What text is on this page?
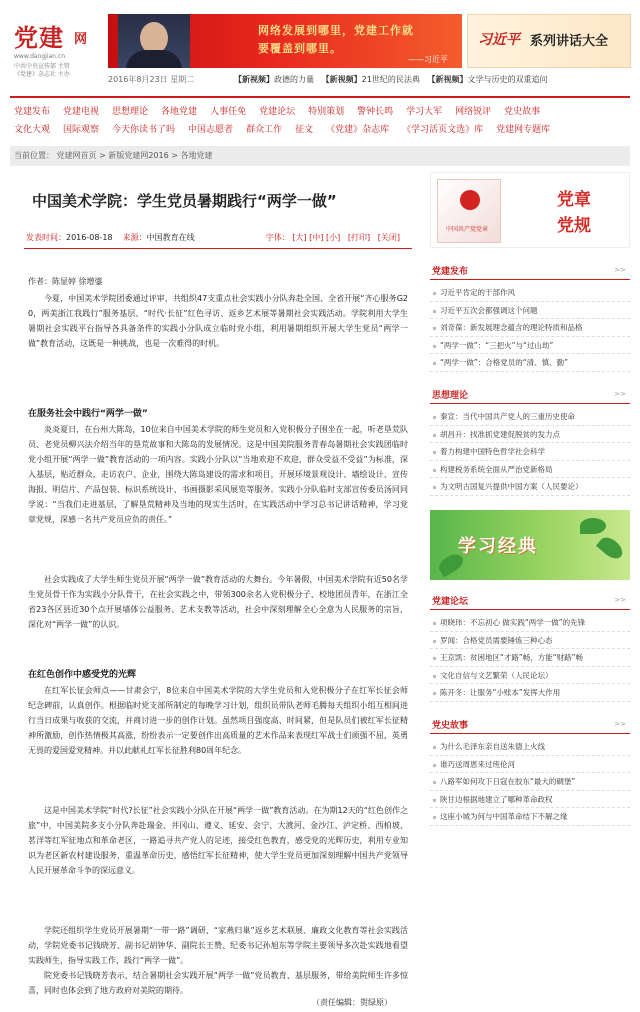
党建 网
www.dangjian.cn
中共中央宣传部 主管
《党建》杂志社 主办
网络发展到哪里，党建工作就
要覆盖到哪里。
——习近平
习近平 系列讲话大全
2016年8月23日 星期二	【新视频】政德的力量 【新视频】21世纪的民法典 【新视频】文学与历史的双重追问
党建发布 党建电视 思想理论 各地党建 人事任免 党建论坛 特别策划 警钟长鸣 学习大军 网络锐评 党史故事
文化大观 国际观察 今天你读书了吗 中国志愿者 群众工作 征文 《党建》杂志库 《学习活页文选》库 党建网专题库
当前位置： 党建网首页 > 新版党建网2016 > 各地党建
中国美术学院：学生党员暑期践行“两学一做”
发表时间：2016-08-18 来源：中国教育在线	字体： [大] [中] [小] [打印] [关闭]
作者：陈显婷 徐增鎏
今夏，中国美术学院团委通过评审，共组织47支重点社会实践小分队奔赴全国、全省开展“齐心服务G20，两美浙江我践行”服务基层、“时代·长征”红色寻访、返乡艺术展等暑期社会实践活动。学院利用大学生暑期社会实践平台指导各具备条件的实践小分队成立临时党小组，利用暑期组织开展大学生党员“两学一做”教育活动，这既是一种挑战，也是一次难得的时机。
在服务社会中践行“两学一做”
炎炎夏日，在台州大陈岛，10位来自中国美术学院的师生党员和入党积极分子围坐在一起，听老垦荒队员、老党员柳兴法介绍当年的垦荒故事和大陈岛的发展情况。这是中国美院服务青春岛暑期社会实践团临时党小组开展“两学一做”教育活动的一项内容。实践小分队以“当地欢迎不欢迎，群众受益不受益”为标准，深入基层，贴近群众，走访农户、企业，围绕大陈岛建设的需求和项目，开展环境景观设计、墙绘设计、宣传海报、明信片、产品包装、标识系统设计、书画摄影采风展览等服务。实践小分队临时支部宣传委员汤同同学说：“当我们走进基层，了解垦荒精神及当地的现实生活时，在实践活动中学习总书记讲话精神，学习党章党规，深感一名共产党员应负的责任。”
社会实践成了大学生师生党员开展“两学一做”教育活动的大舞台。今年暑假，中国美术学院有近50名学生党员骨干作为实践小分队骨干，在社会实践之中，带领300余名入党积极分子、校地团员青年，在浙江全省23各区县近30个点开展墙体公益服务、艺术支教等活动，社会中深刻理解全心全意为人民服务的宗旨，深化对“两学一做”的认识。
在红色创作中感受党的光辉
在红军长征会师点——甘肃会宁，8位来自中国美术学院的大学生党员和入党积极分子在红军长征会师纪念碑前，认真创作。根据临时党支部所制定的每晚学习计划，组织员带队老师毛腾每天组织小组互相间进行当日成果与收获的交流，并商讨进一步的创作计划。虽然项目强度高、时间紧，但是队员们被红军长征精神所激励，创作热情极其高涨，纷纷表示一定要创作出高质量的艺术作品来表现红军战士们顽强不屈，英勇无畏的爱国爱党精神。并以此献礼红军长征胜利80周年纪念。
这是中国美术学院“时代?长征”社会实践小分队在开展“两学一做”教育活动。在为期12天的“红色创作之旅”中，中国美院多支小分队奔赴瑞金、井冈山、遵义、延安、会宁、大渡河、金沙江、泸定桥、西柏坡、茗洋等红军征地点和革命老区，一路追寻共产党人的足迹，接受红色教育，感受党的光辉历史，利用专业知识为老区新农村建设服务，重温革命历史，感悟红军长征精神，使大学生党员更加深刻理解中国共产党领导人民开展革命斗争的深远意义。
学院还组织学生党员开展暑期“一带一路”调研、“家燕归巢”返乡艺术联展、廉政文化教育等社会实践活动，学院党委书记钱晓芳、副书记胡钟华、副院长王赞、纪委书记孙旭东等学院主要领导多次赴实践地看望实践师生，指导实践工作，践行“两学一做”。
院党委书记钱晓芳表示，结合暑期社会实践开展“两学一做”党员教育、基层服务，带给美院师生许多惊喜，同时也体会到了地方政府对美院的期待。
（责任编辑：贺绿原）
中国共产党党章
党章
党规
党建发布	>>
习近平肯定的干部作风
习近平五次会都强调这个问题
刘奇葆：新发展理念蕴含的理论特质和品格
“两学一做”：“三把火”与“过山劫”
“两学一做”：合格党员的“清、慎、勤”
思想理论	>>
秦宣：当代中国共产党人的三重历史使命
胡昌升：找准抓党建促脱贫的发力点
着力构建中国特色哲学社会科学
构建税务系统全面从严治党新格局
为文明古国复兴提供中国方案（人民要论）
学习经典
党建论坛	>>
项晓玮：不忘初心 做实践“两学一做”的先锋
罗闻：合格党员需要锤炼三种心态
王京凯：贫困地区“才路”畅，方能“财路”畅
文化自信与文艺繁荣（人民论坛）
陈开冬：让服务“小账本”发挥大作用
党史故事	>>
为什么毛泽东亲自送朱德上火线
谁巧送周恩来过班伦河
八路军如何攻下日寇在胶东“最大的碉堡”
陕甘边根据地建立了哪种革命政权
这座小城为何与中国革命结下不解之缘
